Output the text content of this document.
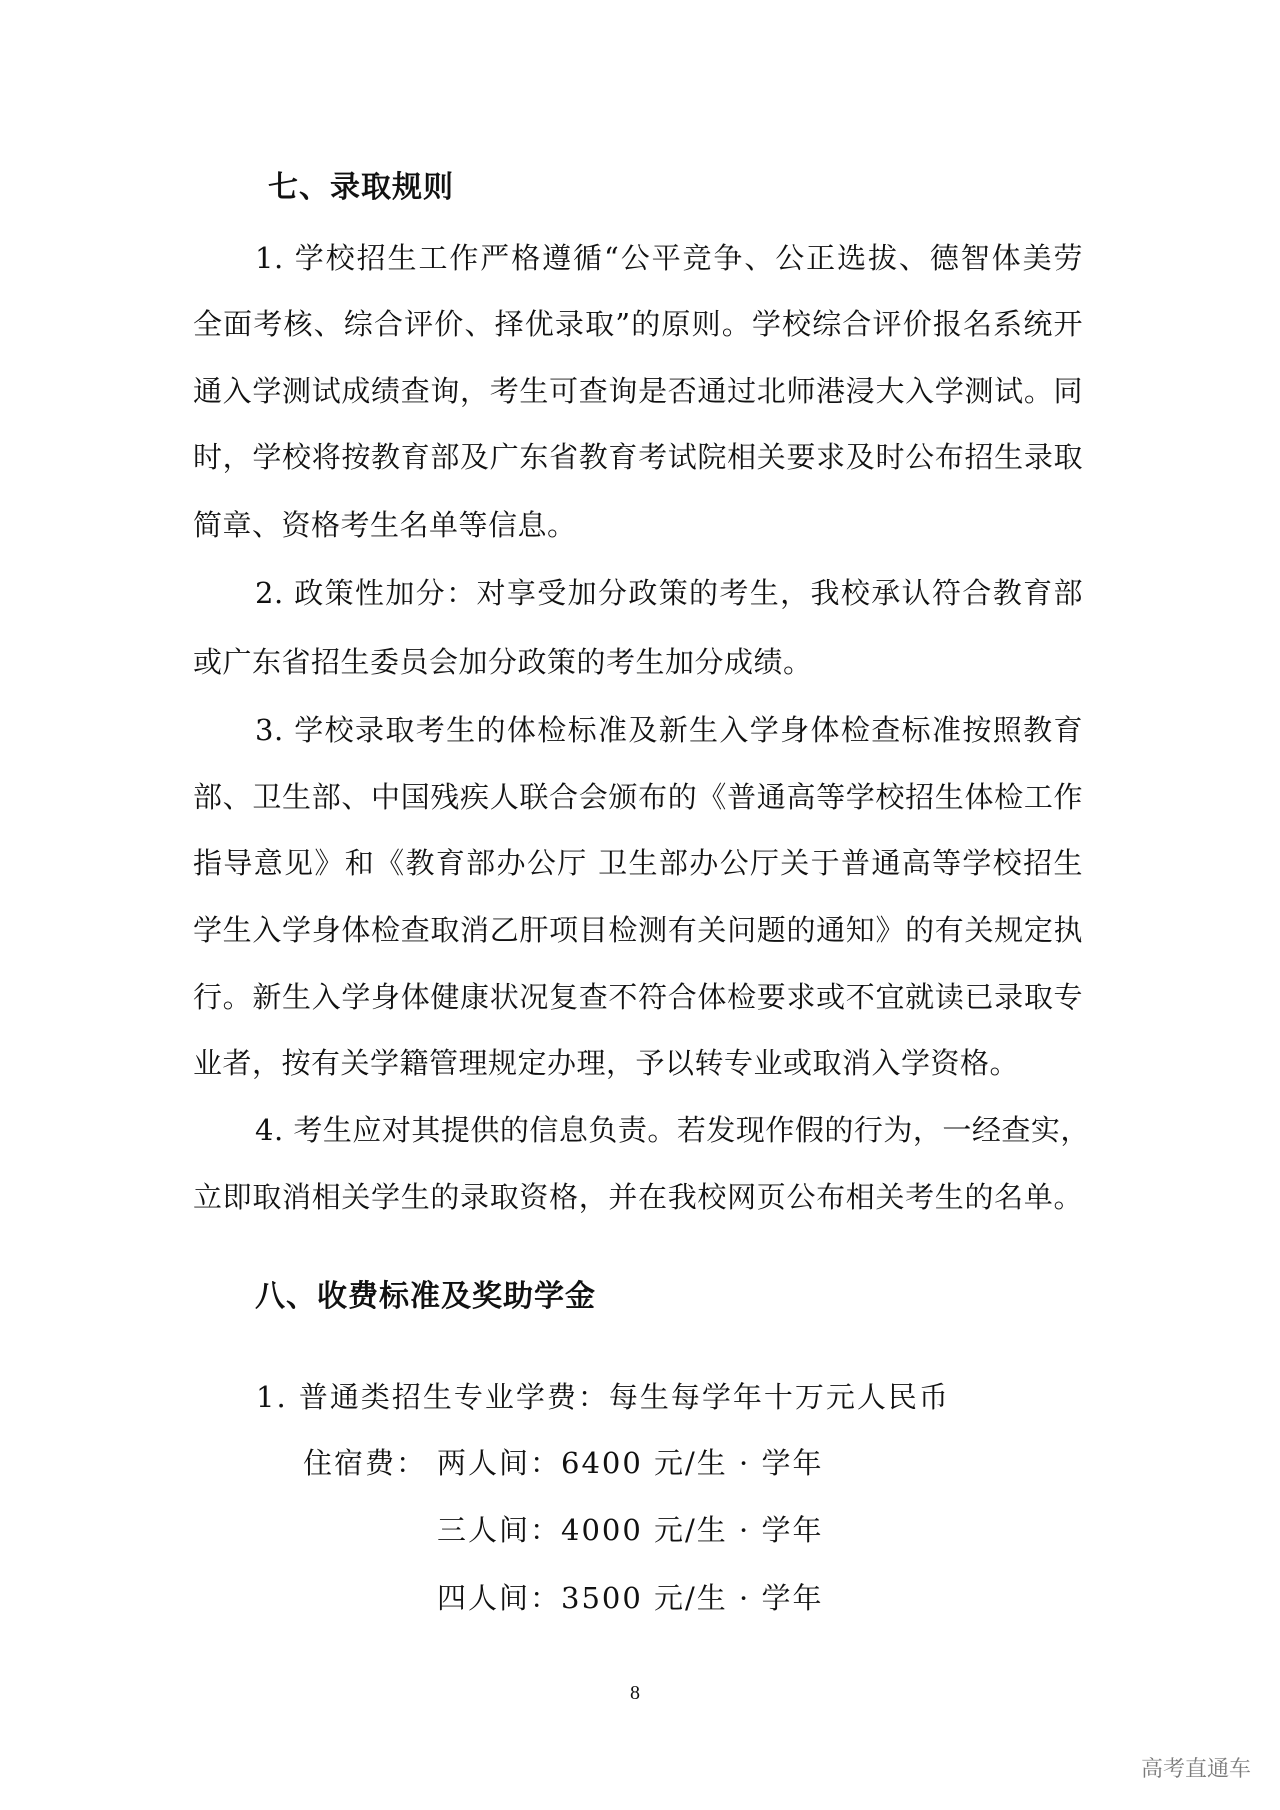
七、录取规则
1. 学校招生工作严格遵循“公平竞争、公正选拔、德智体美劳
全面考核、综合评价、择优录取”的原则。学校综合评价报名系统开
通入学测试成绩查询，考生可查询是否通过北师港浸大入学测试。同
时，学校将按教育部及广东省教育考试院相关要求及时公布招生录取
简章、资格考生名单等信息。
2. 政策性加分：对享受加分政策的考生，我校承认符合教育部
或广东省招生委员会加分政策的考生加分成绩。
3. 学校录取考生的体检标准及新生入学身体检查标准按照教育
部、卫生部、中国残疾人联合会颁布的《普通高等学校招生体检工作
指导意见》和《教育部办公厅 卫生部办公厅关于普通高等学校招生
学生入学身体检查取消乙肝项目检测有关问题的通知》的有关规定执
行。新生入学身体健康状况复查不符合体检要求或不宜就读已录取专
业者，按有关学籍管理规定办理，予以转专业或取消入学资格。
4. 考生应对其提供的信息负责。若发现作假的行为，一经查实，
立即取消相关学生的录取资格，并在我校网页公布相关考生的名单。
八、收费标准及奖助学金
1. 普通类招生专业学费：每生每学年十万元人民币
住宿费： 两人间：6400 元/生 · 学年
三人间：4000 元/生 · 学年
四人间：3500 元/生 · 学年
8
高考直通车
